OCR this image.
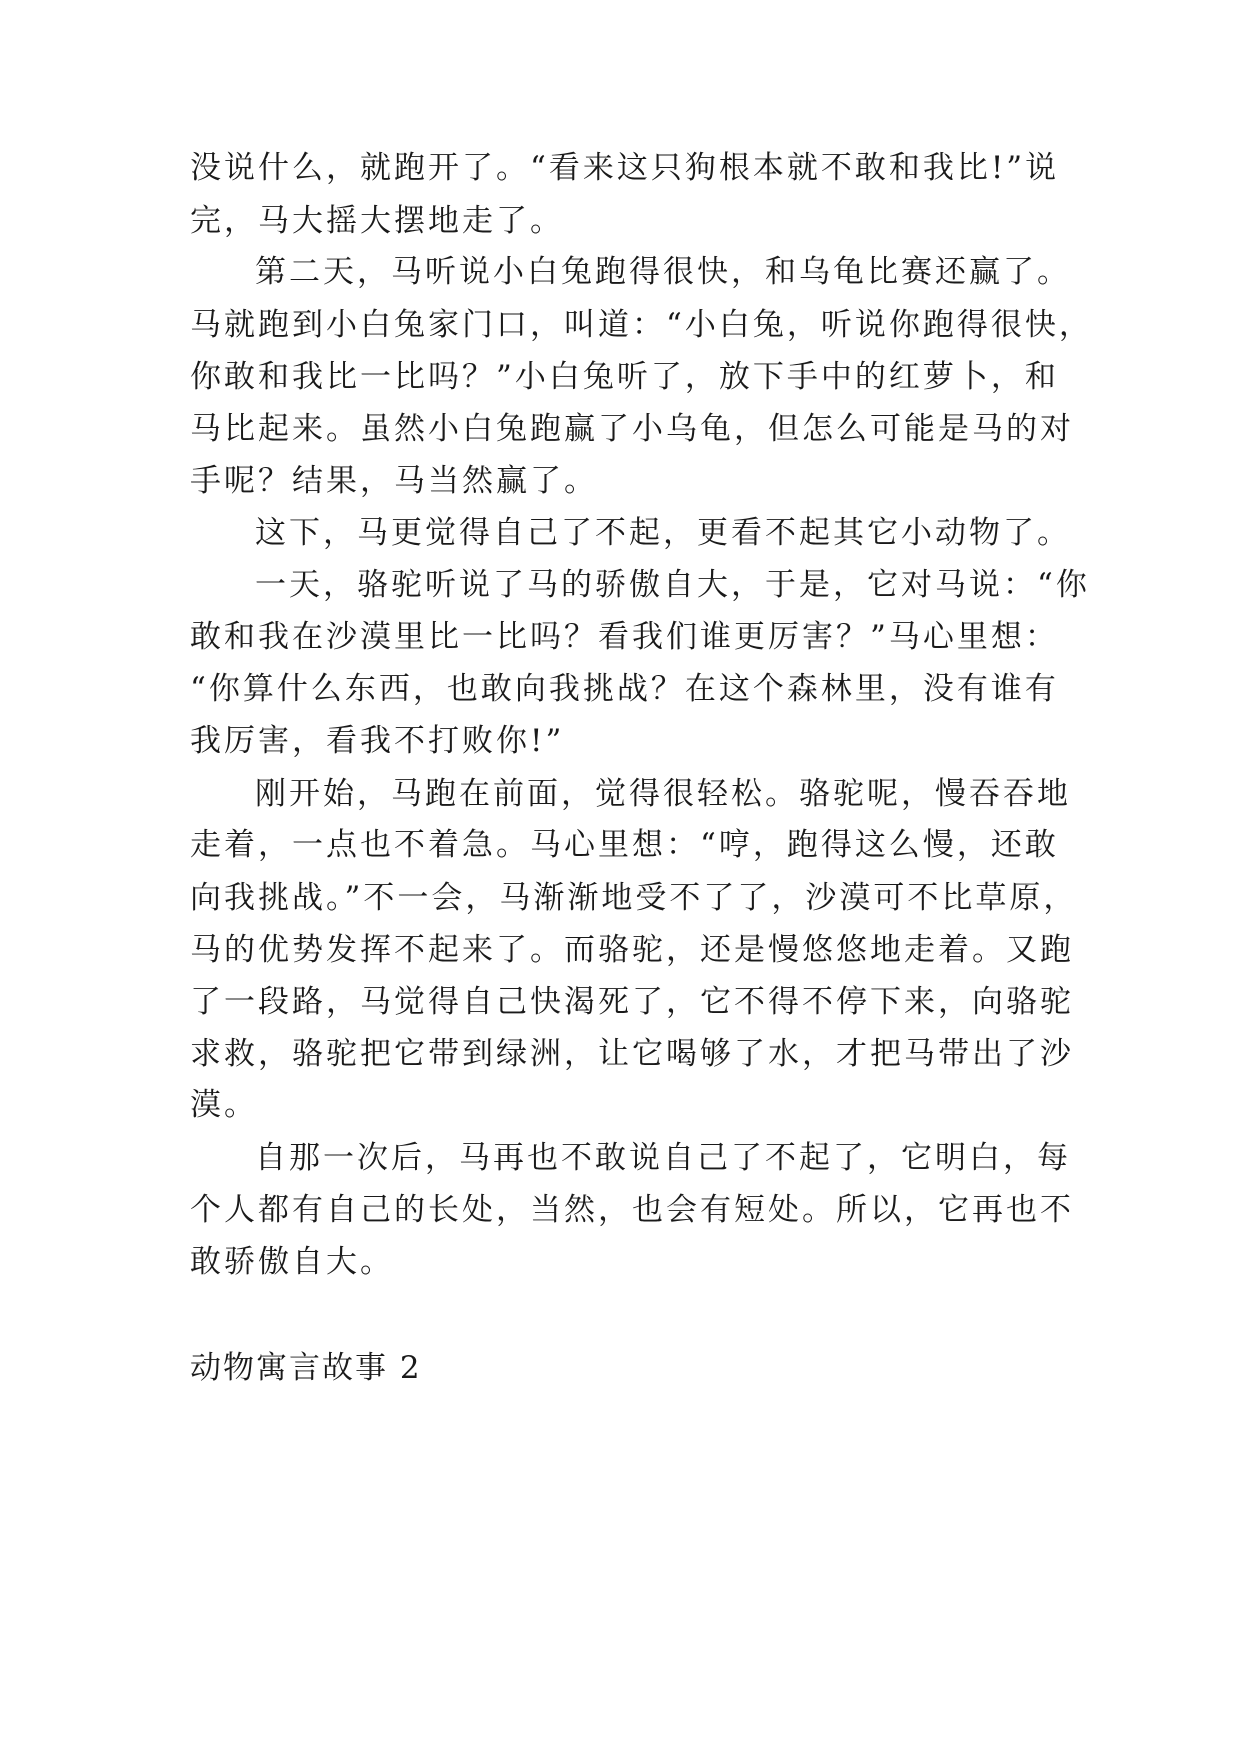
没说什么，就跑开了。“看来这只狗根本就不敢和我比!”说
完，马大摇大摆地走了。
第二天，马听说小白兔跑得很快，和乌龟比赛还赢了。
马就跑到小白兔家门口，叫道：“小白兔，听说你跑得很快，
你敢和我比一比吗？”小白兔听了，放下手中的红萝卜，和
马比起来。虽然小白兔跑赢了小乌龟，但怎么可能是马的对
手呢？结果，马当然赢了。
这下，马更觉得自己了不起，更看不起其它小动物了。
一天，骆驼听说了马的骄傲自大，于是，它对马说：“你
敢和我在沙漠里比一比吗？看我们谁更厉害？”马心里想：
“你算什么东西，也敢向我挑战？在这个森林里，没有谁有
我厉害，看我不打败你!”
刚开始，马跑在前面，觉得很轻松。骆驼呢，慢吞吞地
走着，一点也不着急。马心里想：“哼，跑得这么慢，还敢
向我挑战。”不一会，马渐渐地受不了了，沙漠可不比草原，
马的优势发挥不起来了。而骆驼，还是慢悠悠地走着。又跑
了一段路，马觉得自己快渴死了，它不得不停下来，向骆驼
求救，骆驼把它带到绿洲，让它喝够了水，才把马带出了沙
漠。
自那一次后，马再也不敢说自己了不起了，它明白，每
个人都有自己的长处，当然，也会有短处。所以，它再也不
敢骄傲自大。
动物寓言故事 2
